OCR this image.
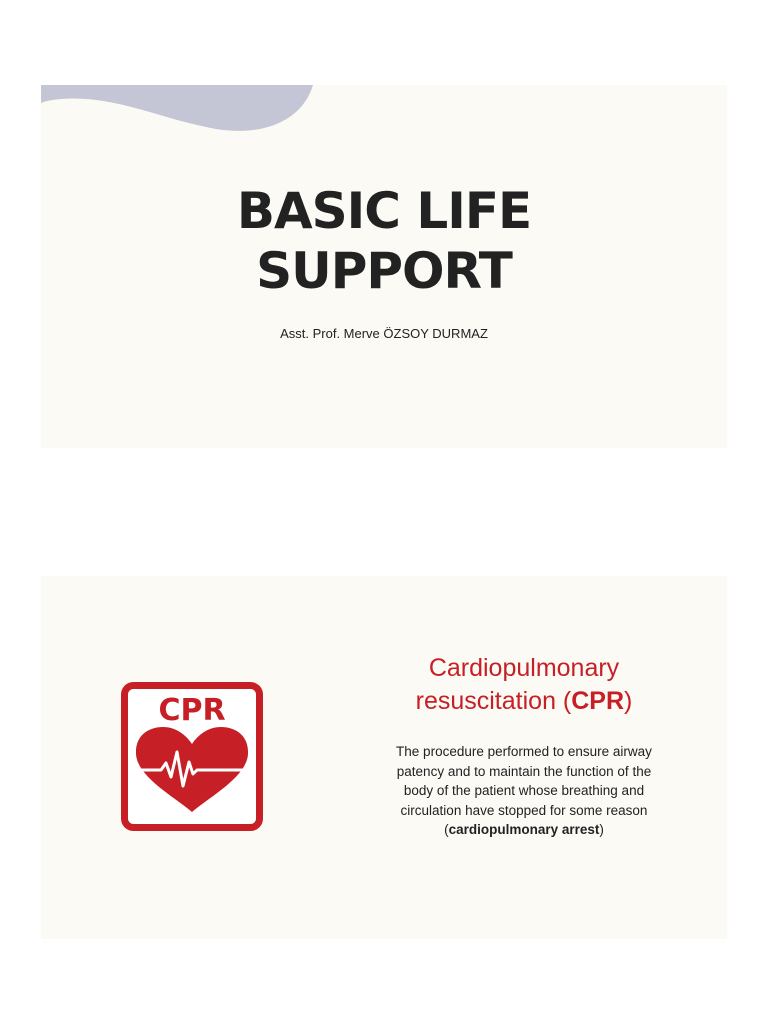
BASIC LIFE
SUPPORT
Asst. Prof. Merve ÖZSOY DURMAZ
CPR
Cardiopulmonary
resuscitation (CPR)
The procedure performed to ensure airway patency and to maintain the function of the body of the patient whose breathing and circulation have stopped for some reason
(cardiopulmonary arrest)
